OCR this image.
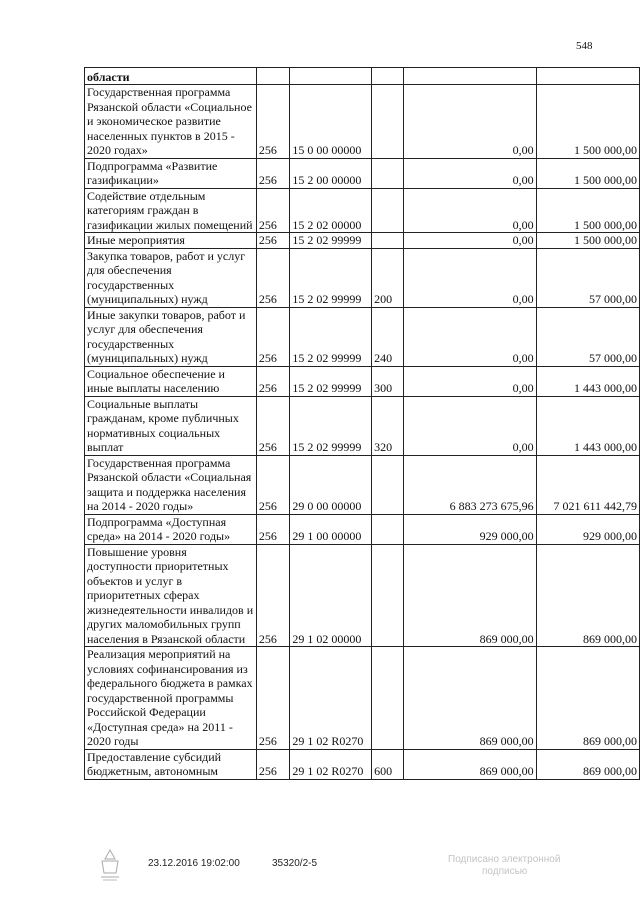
548
области					
Государственная программа Рязанской области «Социальное и экономическое развитие населенных пунктов в 2015 - 2020 годах»	256	15 0 00 00000		0,00	1 500 000,00
Подпрограмма «Развитие газификации»	256	15 2 00 00000		0,00	1 500 000,00
Содействие отдельным категориям граждан в газификации жилых помещений	256	15 2 02 00000		0,00	1 500 000,00
Иные мероприятия	256	15 2 02 99999		0,00	1 500 000,00
Закупка товаров, работ и услуг для обеспечения государственных (муниципальных) нужд	256	15 2 02 99999	200	0,00	57 000,00
Иные закупки товаров, работ и услуг для обеспечения государственных (муниципальных) нужд	256	15 2 02 99999	240	0,00	57 000,00
Социальное обеспечение и иные выплаты населению	256	15 2 02 99999	300	0,00	1 443 000,00
Социальные выплаты гражданам, кроме публичных нормативных социальных выплат	256	15 2 02 99999	320	0,00	1 443 000,00
Государственная программа Рязанской области «Социальная защита и поддержка населения на 2014 - 2020 годы»	256	29 0 00 00000		6 883 273 675,96	7 021 611 442,79
Подпрограмма «Доступная среда» на 2014 - 2020 годы»	256	29 1 00 00000		929 000,00	929 000,00
Повышение уровня доступности приоритетных объектов и услуг в приоритетных сферах жизнедеятельности инвалидов и других маломобильных групп населения в Рязанской области	256	29 1 02 00000		869 000,00	869 000,00
Реализация мероприятий на условиях софинансирования из федерального бюджета в рамках государственной программы Российской Федерации «Доступная среда» на 2011 - 2020 годы	256	29 1 02 R0270		869 000,00	869 000,00
Предоставление субсидий бюджетным, автономным	256	29 1 02 R0270	600	869 000,00	869 000,00
23.12.2016 19:02:00	35320/2-5	Подписано электронной
подписью
